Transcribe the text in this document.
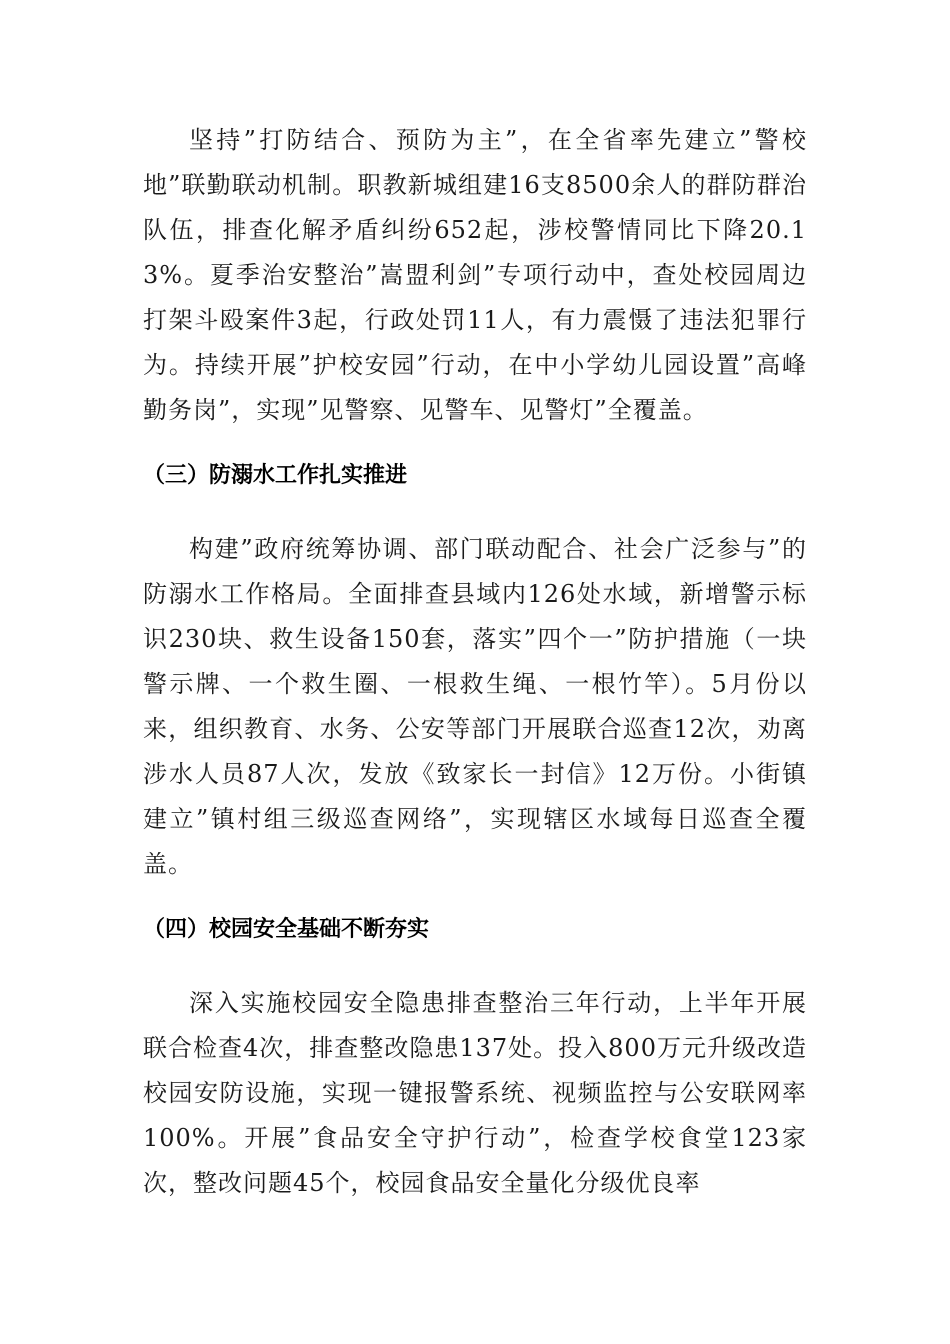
坚持”打防结合、预防为主”，在全省率先建立”警校地”联勤联动机制。职教新城组建16支8500余人的群防群治队伍，排查化解矛盾纠纷652起，涉校警情同比下降20.13%。夏季治安整治”嵩盟利剑”专项行动中，查处校园周边打架斗殴案件3起，行政处罚11人，有力震慑了违法犯罪行为。持续开展”护校安园”行动，在中小学幼儿园设置”高峰勤务岗”，实现”见警察、见警车、见警灯”全覆盖。

（三）防溺水工作扎实推进

构建”政府统筹协调、部门联动配合、社会广泛参与”的防溺水工作格局。全面排查县域内126处水域，新增警示标识230块、救生设备150套，落实”四个一”防护措施（一块警示牌、一个救生圈、一根救生绳、一根竹竿）。5月份以来，组织教育、水务、公安等部门开展联合巡查12次，劝离涉水人员87人次，发放《致家长一封信》12万份。小街镇建立”镇村组三级巡查网络”，实现辖区水域每日巡查全覆盖。

（四）校园安全基础不断夯实

深入实施校园安全隐患排查整治三年行动，上半年开展联合检查4次，排查整改隐患137处。投入800万元升级改造校园安防设施，实现一键报警系统、视频监控与公安联网率100%。开展”食品安全守护行动”，检查学校食堂123家次，整改问题45个，校园食品安全量化分级优良率
